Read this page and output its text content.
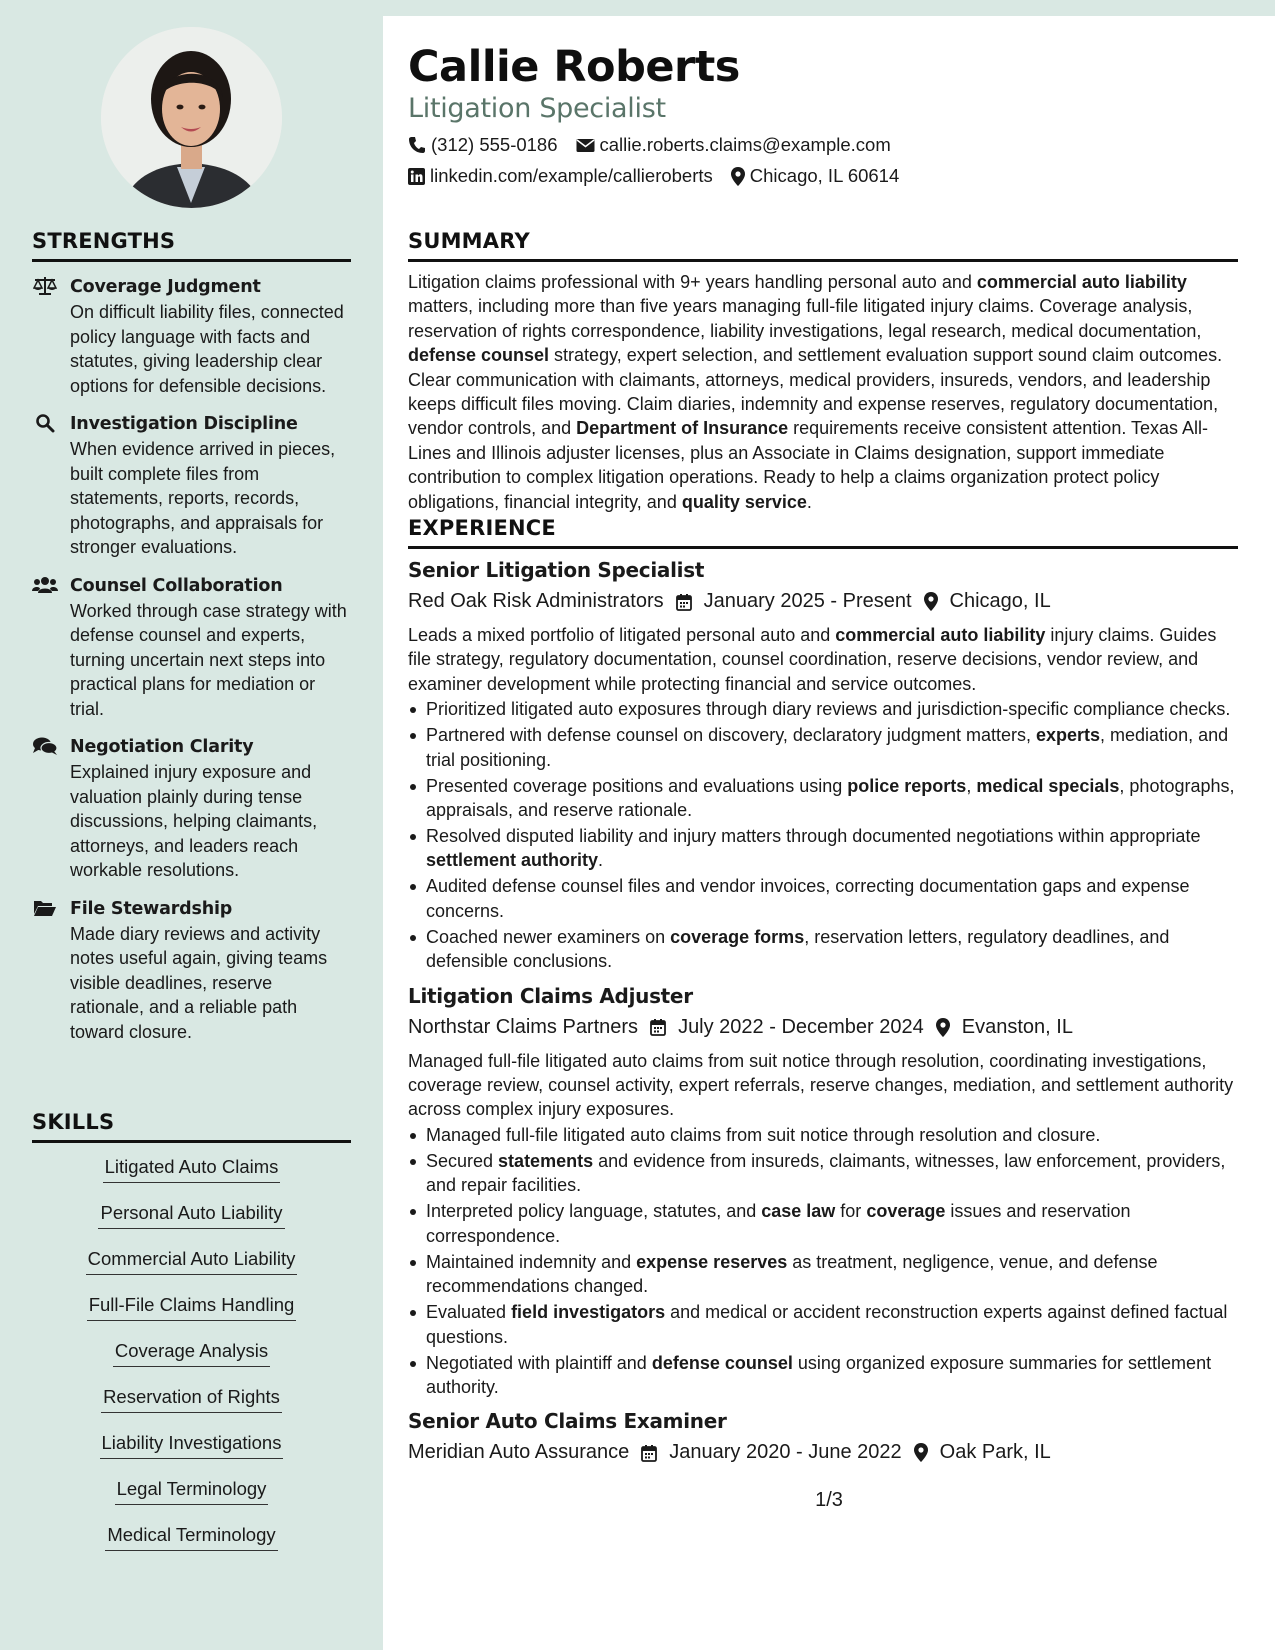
STRENGTHS
Coverage Judgment
On difficult liability files, connected policy language with facts and statutes, giving leadership clear options for defensible decisions.
Investigation Discipline
When evidence arrived in pieces, built complete files from statements, reports, records, photographs, and appraisals for stronger evaluations.
Counsel Collaboration
Worked through case strategy with defense counsel and experts, turning uncertain next steps into practical plans for mediation or trial.
Negotiation Clarity
Explained injury exposure and valuation plainly during tense discussions, helping claimants, attorneys, and leaders reach workable resolutions.
File Stewardship
Made diary reviews and activity notes useful again, giving teams visible deadlines, reserve rationale, and a reliable path toward closure.
SKILLS
Litigated Auto Claims
Personal Auto Liability
Commercial Auto Liability
Full-File Claims Handling
Coverage Analysis
Reservation of Rights
Liability Investigations
Legal Terminology
Medical Terminology
Callie Roberts
Litigation Specialist
(312) 555-0186 callie.roberts.claims@example.com
linkedin.com/example/callieroberts Chicago, IL 60614
SUMMARY
Litigation claims professional with 9+ years handling personal auto and commercial auto liability matters, including more than five years managing full-file litigated injury claims. Coverage analysis, reservation of rights correspondence, liability investigations, legal research, medical documentation, defense counsel strategy, expert selection, and settlement evaluation support sound claim outcomes. Clear communication with claimants, attorneys, medical providers, insureds, vendors, and leadership keeps difficult files moving. Claim diaries, indemnity and expense reserves, regulatory documentation, vendor controls, and Department of Insurance requirements receive consistent attention. Texas All-Lines and Illinois adjuster licenses, plus an Associate in Claims designation, support immediate contribution to complex litigation operations. Ready to help a claims organization protect policy obligations, financial integrity, and quality service.
EXPERIENCE
Senior Litigation Specialist
Red Oak Risk Administrators January 2025 - Present Chicago, IL
Leads a mixed portfolio of litigated personal auto and commercial auto liability injury claims. Guides file strategy, regulatory documentation, counsel coordination, reserve decisions, vendor review, and examiner development while protecting financial and service outcomes.
Prioritized litigated auto exposures through diary reviews and jurisdiction-specific compliance checks.
Partnered with defense counsel on discovery, declaratory judgment matters, experts, mediation, and trial positioning.
Presented coverage positions and evaluations using police reports, medical specials, photographs, appraisals, and reserve rationale.
Resolved disputed liability and injury matters through documented negotiations within appropriate settlement authority.
Audited defense counsel files and vendor invoices, correcting documentation gaps and expense concerns.
Coached newer examiners on coverage forms, reservation letters, regulatory deadlines, and defensible conclusions.
Litigation Claims Adjuster
Northstar Claims Partners July 2022 - December 2024 Evanston, IL
Managed full-file litigated auto claims from suit notice through resolution, coordinating investigations, coverage review, counsel activity, expert referrals, reserve changes, mediation, and settlement authority across complex injury exposures.
Managed full-file litigated auto claims from suit notice through resolution and closure.
Secured statements and evidence from insureds, claimants, witnesses, law enforcement, providers, and repair facilities.
Interpreted policy language, statutes, and case law for coverage issues and reservation correspondence.
Maintained indemnity and expense reserves as treatment, negligence, venue, and defense recommendations changed.
Evaluated field investigators and medical or accident reconstruction experts against defined factual questions.
Negotiated with plaintiff and defense counsel using organized exposure summaries for settlement authority.
Senior Auto Claims Examiner
Meridian Auto Assurance January 2020 - June 2022 Oak Park, IL
1/3
